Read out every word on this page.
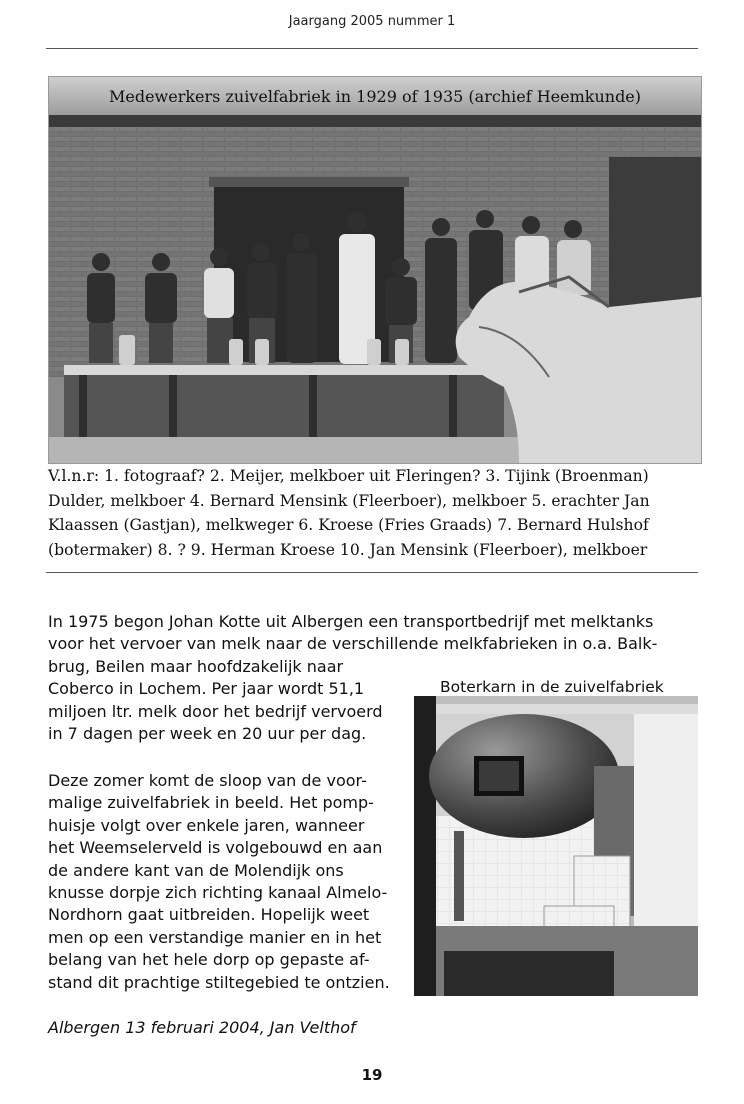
Jaargang 2005 nummer 1
Medewerkers zuivelfabriek in 1929 of 1935 (archief Heemkunde)
V.l.n.r: 1. fotograaf? 2. Meijer, melkboer uit Fleringen? 3. Tijink (Broenman)
Dulder, melkboer 4. Bernard Mensink (Fleerboer), melkboer 5. erachter Jan
Klaassen (Gastjan), melkweger 6. Kroese (Fries Graads) 7. Bernard Hulshof
(botermaker) 8. ? 9. Herman Kroese 10. Jan Mensink (Fleerboer), melkboer
In 1975 begon Johan Kotte uit Albergen een transportbedrijf met melktanks
voor het vervoer van melk naar de verschillende melkfabrieken in o.a. Balk-
brug, Beilen maar hoofdzakelijk naar
Coberco in Lochem. Per jaar wordt 51,1
miljoen ltr. melk door het bedrijf vervoerd
in 7 dagen per week en 20 uur per dag.
Deze zomer komt de sloop van de voor-
malige zuivelfabriek in beeld. Het pomp-
huisje volgt over enkele jaren, wanneer
het Weemselerveld is volgebouwd en aan
de andere kant van de Molendijk ons
knusse dorpje zich richting kanaal Almelo-
Nordhorn gaat uitbreiden. Hopelijk weet
men op een verstandige manier en in het
belang van het hele dorp op gepaste af-
stand dit prachtige stiltegebied te ontzien.
Boterkarn in de zuivelfabriek
Albergen 13 februari 2004, Jan Velthof
19
